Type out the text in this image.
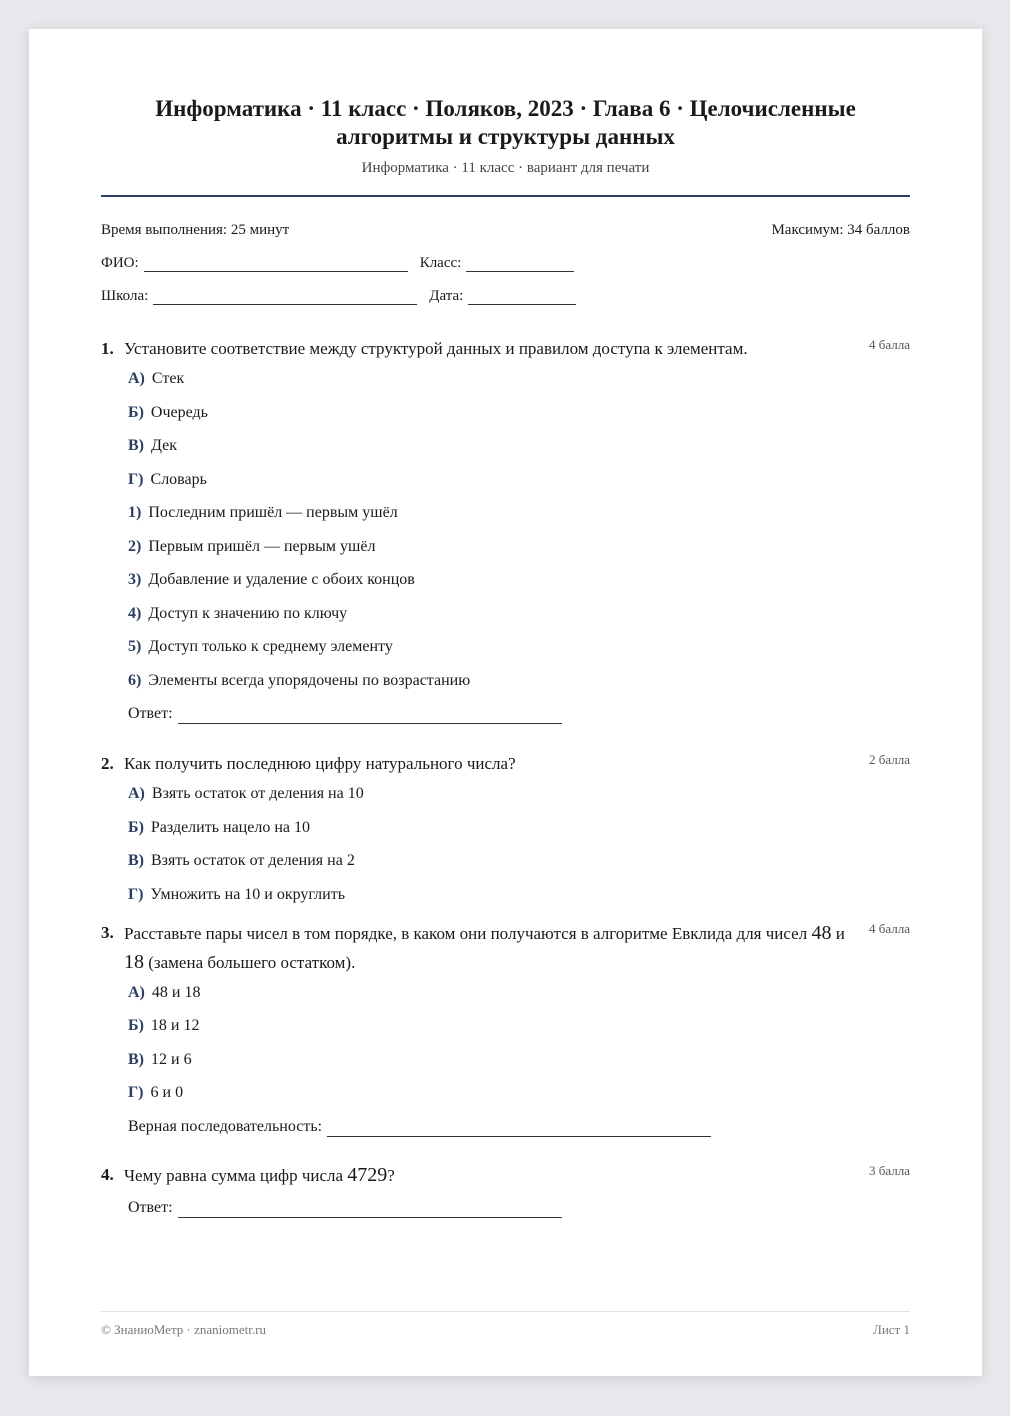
Информатика · 11 класс · Поляков, 2023 · Глава 6 · Целочисленные алгоритмы и структуры данных
Информатика · 11 класс · вариант для печати
Время выполнения: 25 минут	Максимум: 34 баллов
ФИО:	Класс:
Школа:	Дата:
1. Установите соответствие между структурой данных и правилом доступа к элементам.	4 балла
А) Стек
Б) Очередь
В) Дек
Г) Словарь
1) Последним пришёл — первым ушёл
2) Первым пришёл — первым ушёл
3) Добавление и удаление с обоих концов
4) Доступ к значению по ключу
5) Доступ только к среднему элементу
6) Элементы всегда упорядочены по возрастанию
Ответ:
2. Как получить последнюю цифру натурального числа?	2 балла
А) Взять остаток от деления на 10
Б) Разделить нацело на 10
В) Взять остаток от деления на 2
Г) Умножить на 10 и округлить
3. Расставьте пары чисел в том порядке, в каком они получаются в алгоритме Евклида для чисел 48 и 18 (замена большего остатком).
4 балла
А) 48 и 18
Б) 18 и 12
В) 12 и 6
Г) 6 и 0
Верная последовательность:
4. Чему равна сумма цифр числа 4729?	3 балла
Ответ:
© ЗнаниоМетр · znaniometr.ru	Лист 1
